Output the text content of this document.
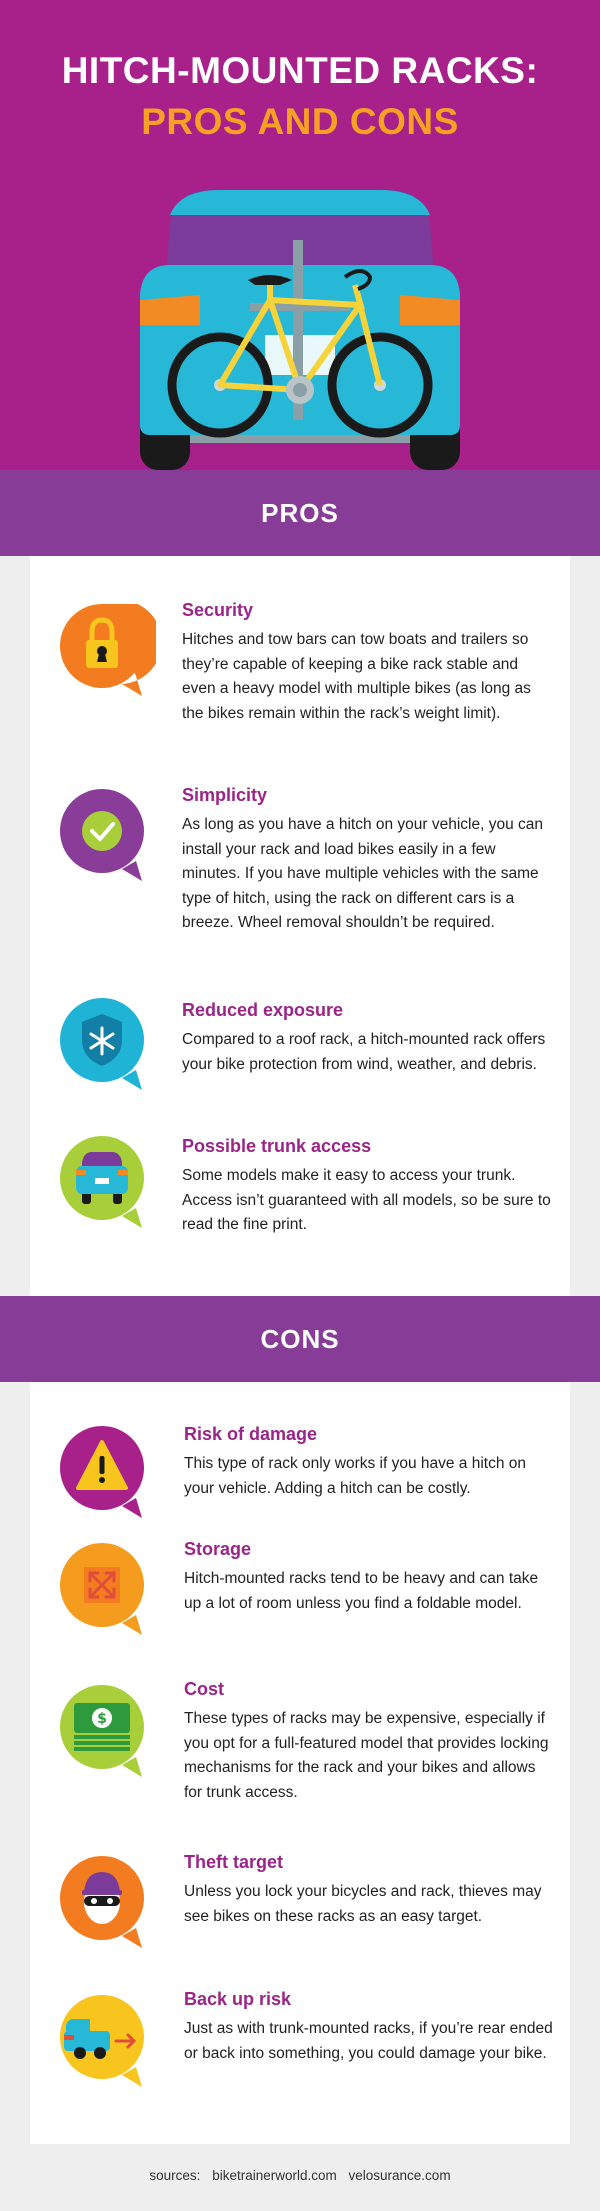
HITCH-MOUNTED RACKS:
PROS AND CONS
PROS
Security

Hitches and tow bars can tow boats and trailers so they’re capable of keeping a bike rack stable and even a heavy model with multiple bikes (as long as the bikes remain within the rack’s weight limit).

Simplicity

As long as you have a hitch on your vehicle, you can install your rack and load bikes easily in a few minutes. If you have multiple vehicles with the same type of hitch, using the rack on different cars is a breeze. Wheel removal shouldn’t be required.

Reduced exposure

Compared to a roof rack, a hitch-mounted rack offers your bike protection from wind, weather, and debris.

Possible trunk access

Some models make it easy to access your trunk. Access isn’t guaranteed with all models, so be sure to read the fine print.

CONS
Risk of damage

This type of rack only works if you have a hitch on your vehicle. Adding a hitch can be costly.

Storage

Hitch-mounted racks tend to be heavy and can take up a lot of room unless you find a foldable model.

$
Cost

These types of racks may be expensive, especially if you opt for a full-featured model that provides locking mechanisms for the rack and your bikes and allows for trunk access.

Theft target

Unless you lock your bicycles and rack, thieves may see bikes on these racks as an easy target.

Back up risk

Just as with trunk-mounted racks, if you’re rear ended or back into something, you could damage your bike.

sources: biketrainerworld.com velosurance.com
